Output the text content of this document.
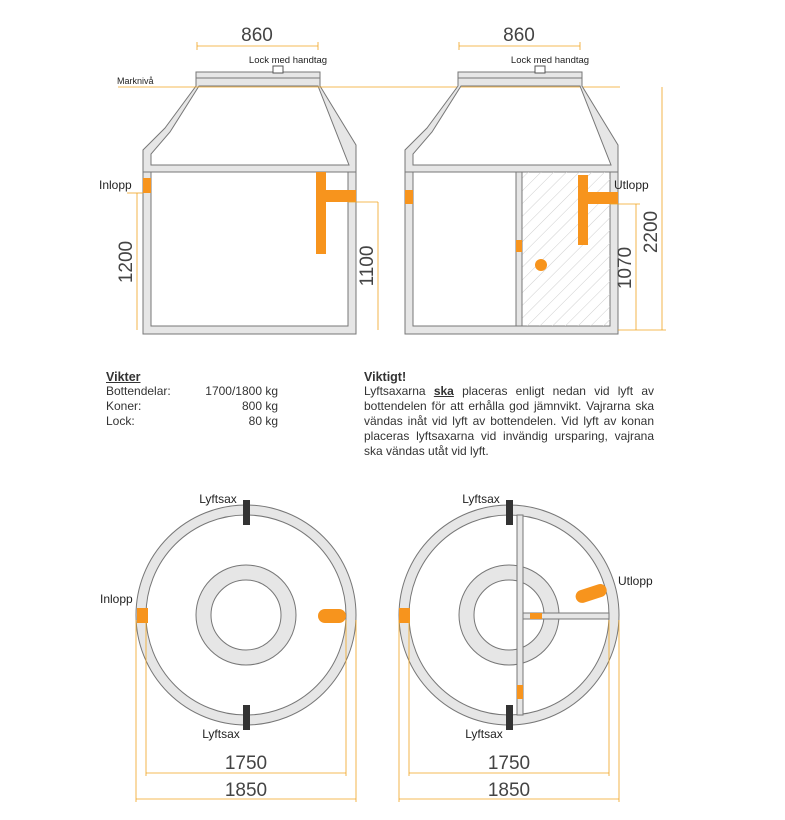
Marknivå
860
Lock med handtag
Inlopp
1200	1100
860
Lock med handtag
Utlopp
1070
2200
Lyftsax
Lyftsax
Inlopp
1750
1850
Lyftsax
Lyftsax
Utlopp
1750
1850
Vikter
Bottendelar:	1700/1800 kg
Koner:	800 kg
Lock:	80 kg
Viktigt!
Lyftsaxarna ska placeras enligt nedan vid lyft av bottendelen för att erhålla god jämnvikt. Vajrarna ska vändas inåt vid lyft av bottendelen. Vid lyft av konan placeras lyftsaxarna vid invändig ursparing, vajrana ska vändas utåt vid lyft.
